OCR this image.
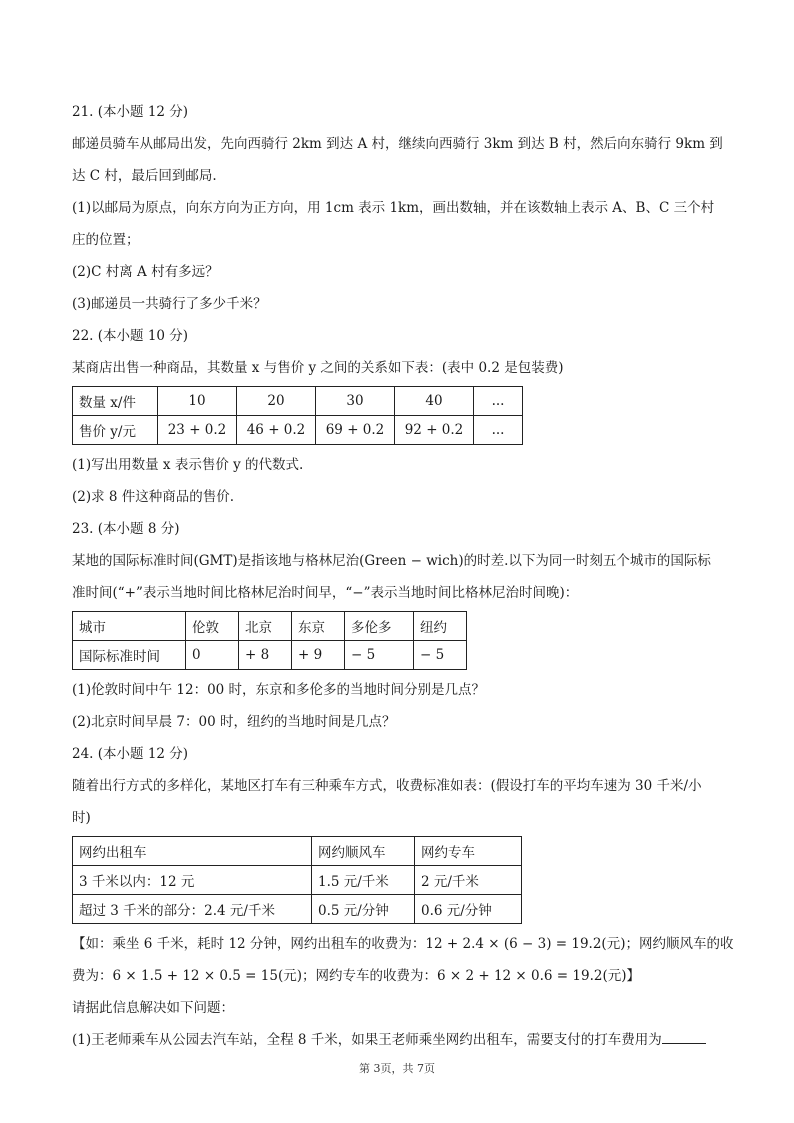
21. (本小题 12 分)
邮递员骑车从邮局出发，先向西骑行 2km 到达 A 村，继续向西骑行 3km 到达 B 村，然后向东骑行 9km 到
达 C 村，最后回到邮局.
(1)以邮局为原点，向东方向为正方向，用 1cm 表示 1km，画出数轴，并在该数轴上表示 A、B、C 三个村
庄的位置；
(2)C 村离 A 村有多远？
(3)邮递员一共骑行了多少千米？
22. (本小题 10 分)
某商店出售一种商品，其数量 x 与售价 y 之间的关系如下表：(表中 0.2 是包装费)
数量 x/件	10	20	30	40	...
售价 y/元	23 + 0.2	46 + 0.2	69 + 0.2	92 + 0.2	...
(1)写出用数量 x 表示售价 y 的代数式.
(2)求 8 件这种商品的售价.
23. (本小题 8 分)
某地的国际标准时间(GMT)是指该地与格林尼治(Green − wich)的时差.以下为同一时刻五个城市的国际标
准时间(“+”表示当地时间比格林尼治时间早，“−”表示当地时间比格林尼治时间晚)：
城市	伦敦	北京	东京	多伦多	纽约
国际标准时间	0	+ 8	+ 9	− 5	− 5
(1)伦敦时间中午 12：00 时，东京和多伦多的当地时间分别是几点？
(2)北京时间早晨 7：00 时，纽约的当地时间是几点？
24. (本小题 12 分)
随着出行方式的多样化，某地区打车有三种乘车方式，收费标准如表：(假设打车的平均车速为 30 千米/小
时)
网约出租车	网约顺风车	网约专车
3 千米以内：12 元	1.5 元/千米	2 元/千米
超过 3 千米的部分：2.4 元/千米	0.5 元/分钟	0.6 元/分钟
【如：乘坐 6 千米，耗时 12 分钟，网约出租车的收费为：12 + 2.4 × (6 − 3) = 19.2(元)；网约顺风车的收
费为：6 × 1.5 + 12 × 0.5 = 15(元)；网约专车的收费为：6 × 2 + 12 × 0.6 = 19.2(元)】
请据此信息解决如下问题：
(1)王老师乘车从公园去汽车站，全程 8 千米，如果王老师乘坐网约出租车，需要支付的打车费用为
第 3页，共 7页
